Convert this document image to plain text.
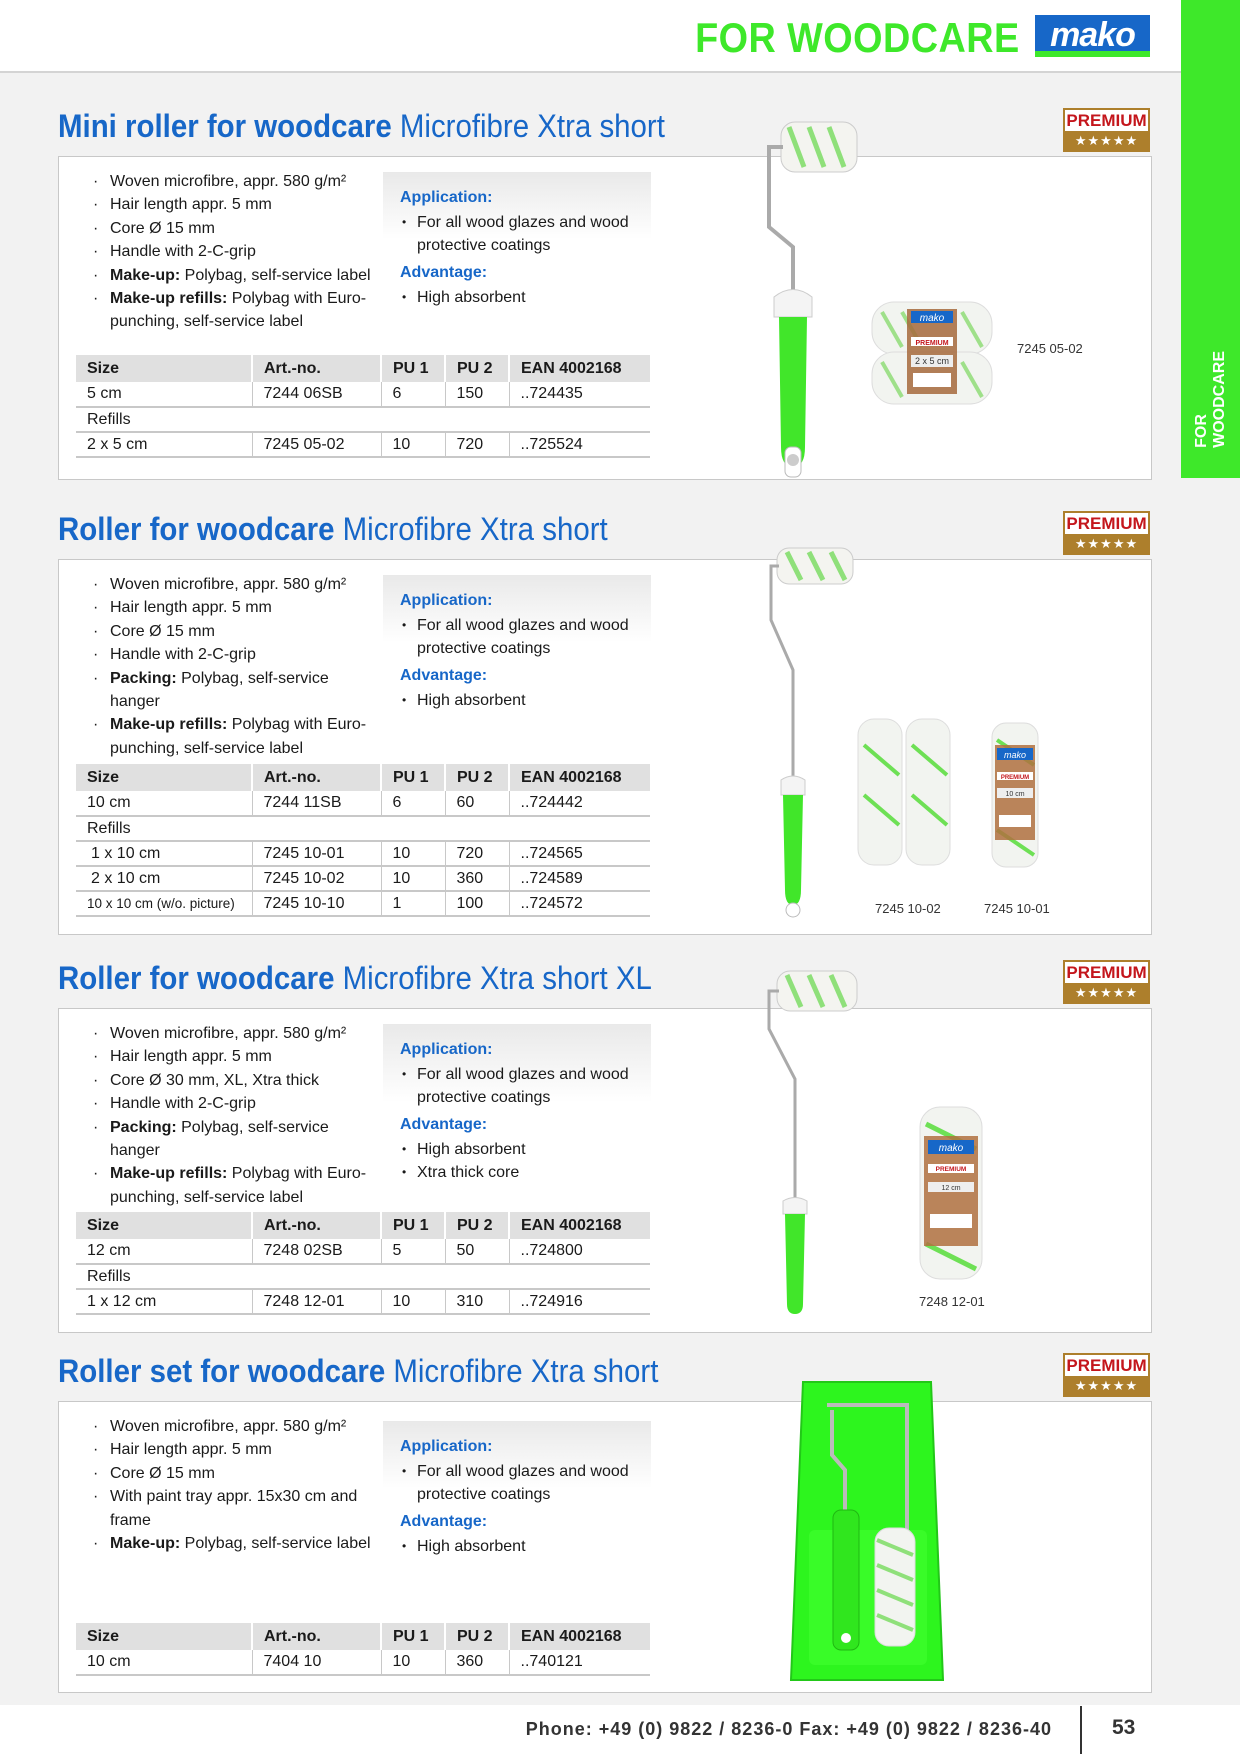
FOR WOODCARE mako
FOR
WOODCARE
Mini roller for woodcare Microfibre Xtra short	PREMIUM
★★★★★
· Woven microfibre, appr. 580 g/m²
· Hair length appr. 5 mm
· Core Ø 15 mm
· Handle with 2-C-grip
· Make-up: Polybag, self-service label
· Make-up refills: Polybag with Euro-punching, self-service label
Application:
• For all wood glazes and wood protective coatings
Advantage:
• High absorbent
Size	Art.-no.	PU 1	PU 2	EAN 4002168
5 cm	7244 06SB	6	150	..724435
Refills				
2 x 5 cm	7245 05-02	10	720	..725524
mako
PREMIUM
2 x 5 cm
7245 05-02
Roller for woodcare Microfibre Xtra short	PREMIUM
★★★★★
· Woven microfibre, appr. 580 g/m²
· Hair length appr. 5 mm
· Core Ø 15 mm
· Handle with 2-C-grip
· Packing: Polybag, self-service hanger
· Make-up refills: Polybag with Euro-punching, self-service label
Application:
• For all wood glazes and wood protective coatings
Advantage:
• High absorbent
Size	Art.-no.	PU 1	PU 2	EAN 4002168
10 cm	7244 11SB	6	60	..724442
Refills				
1 x 10 cm	7245 10-01	10	720	..724565
2 x 10 cm	7245 10-02	10	360	..724589
10 x 10 cm (w/o. picture)	7245 10-10	1	100	..724572
mako
PREMIUM
10 cm
7245 10-02	7245 10-01
Roller for woodcare Microfibre Xtra short XL	PREMIUM
★★★★★
· Woven microfibre, appr. 580 g/m²
· Hair length appr. 5 mm
· Core Ø 30 mm, XL, Xtra thick
· Handle with 2-C-grip
· Packing: Polybag, self-service hanger
· Make-up refills: Polybag with Euro-punching, self-service label
Application:
• For all wood glazes and wood protective coatings
Advantage:
• High absorbent
• Xtra thick core
Size	Art.-no.	PU 1	PU 2	EAN 4002168
12 cm	7248 02SB	5	50	..724800
Refills				
1 x 12 cm	7248 12-01	10	310	..724916
mako
PREMIUM
12 cm
7248 12-01
Roller set for woodcare Microfibre Xtra short	PREMIUM
★★★★★
· Woven microfibre, appr. 580 g/m²
· Hair length appr. 5 mm
· Core Ø 15 mm
· With paint tray appr. 15x30 cm and frame
· Make-up: Polybag, self-service label
Application:
• For all wood glazes and wood protective coatings
Advantage:
• High absorbent
Size	Art.-no.	PU 1	PU 2	EAN 4002168
10 cm	7404 10	10	360	..740121
Phone: +49 (0) 9822 / 8236-0 Fax: +49 (0) 9822 / 8236-40	53
